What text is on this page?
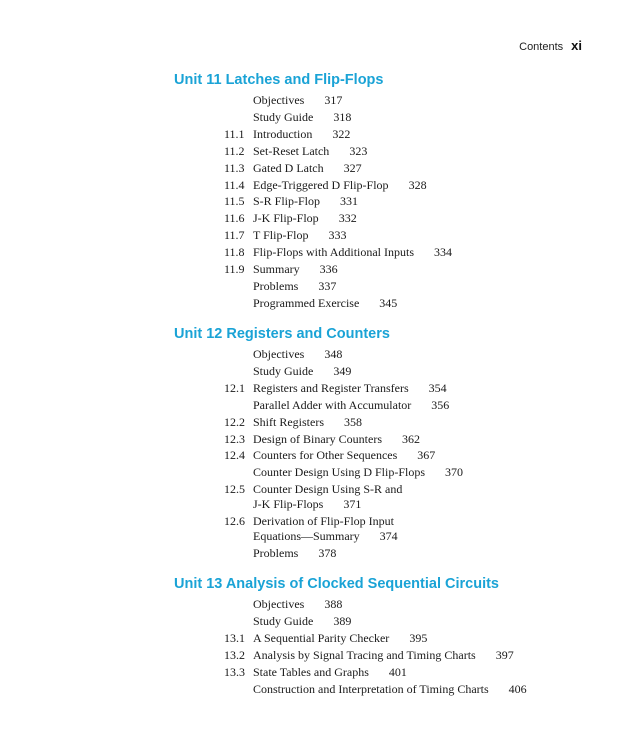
Contents xi
Unit 11 Latches and Flip-Flops
Objectives 317
Study Guide 318
11.1 Introduction 322
11.2 Set-Reset Latch 323
11.3 Gated D Latch 327
11.4 Edge-Triggered D Flip-Flop 328
11.5 S-R Flip-Flop 331
11.6 J-K Flip-Flop 332
11.7 T Flip-Flop 333
11.8 Flip-Flops with Additional Inputs 334
11.9 Summary 336
Problems 337
Programmed Exercise 345
Unit 12 Registers and Counters
Objectives 348
Study Guide 349
12.1 Registers and Register Transfers 354
Parallel Adder with Accumulator 356
12.2 Shift Registers 358
12.3 Design of Binary Counters 362
12.4 Counters for Other Sequences 367
Counter Design Using D Flip-Flops 370
12.5 Counter Design Using S-R and
J-K Flip-Flops 371
12.6 Derivation of Flip-Flop Input
Equations—Summary 374
Problems 378
Unit 13 Analysis of Clocked Sequential Circuits
Objectives 388
Study Guide 389
13.1 A Sequential Parity Checker 395
13.2 Analysis by Signal Tracing and Timing Charts 397
13.3 State Tables and Graphs 401
Construction and Interpretation of Timing Charts 406
